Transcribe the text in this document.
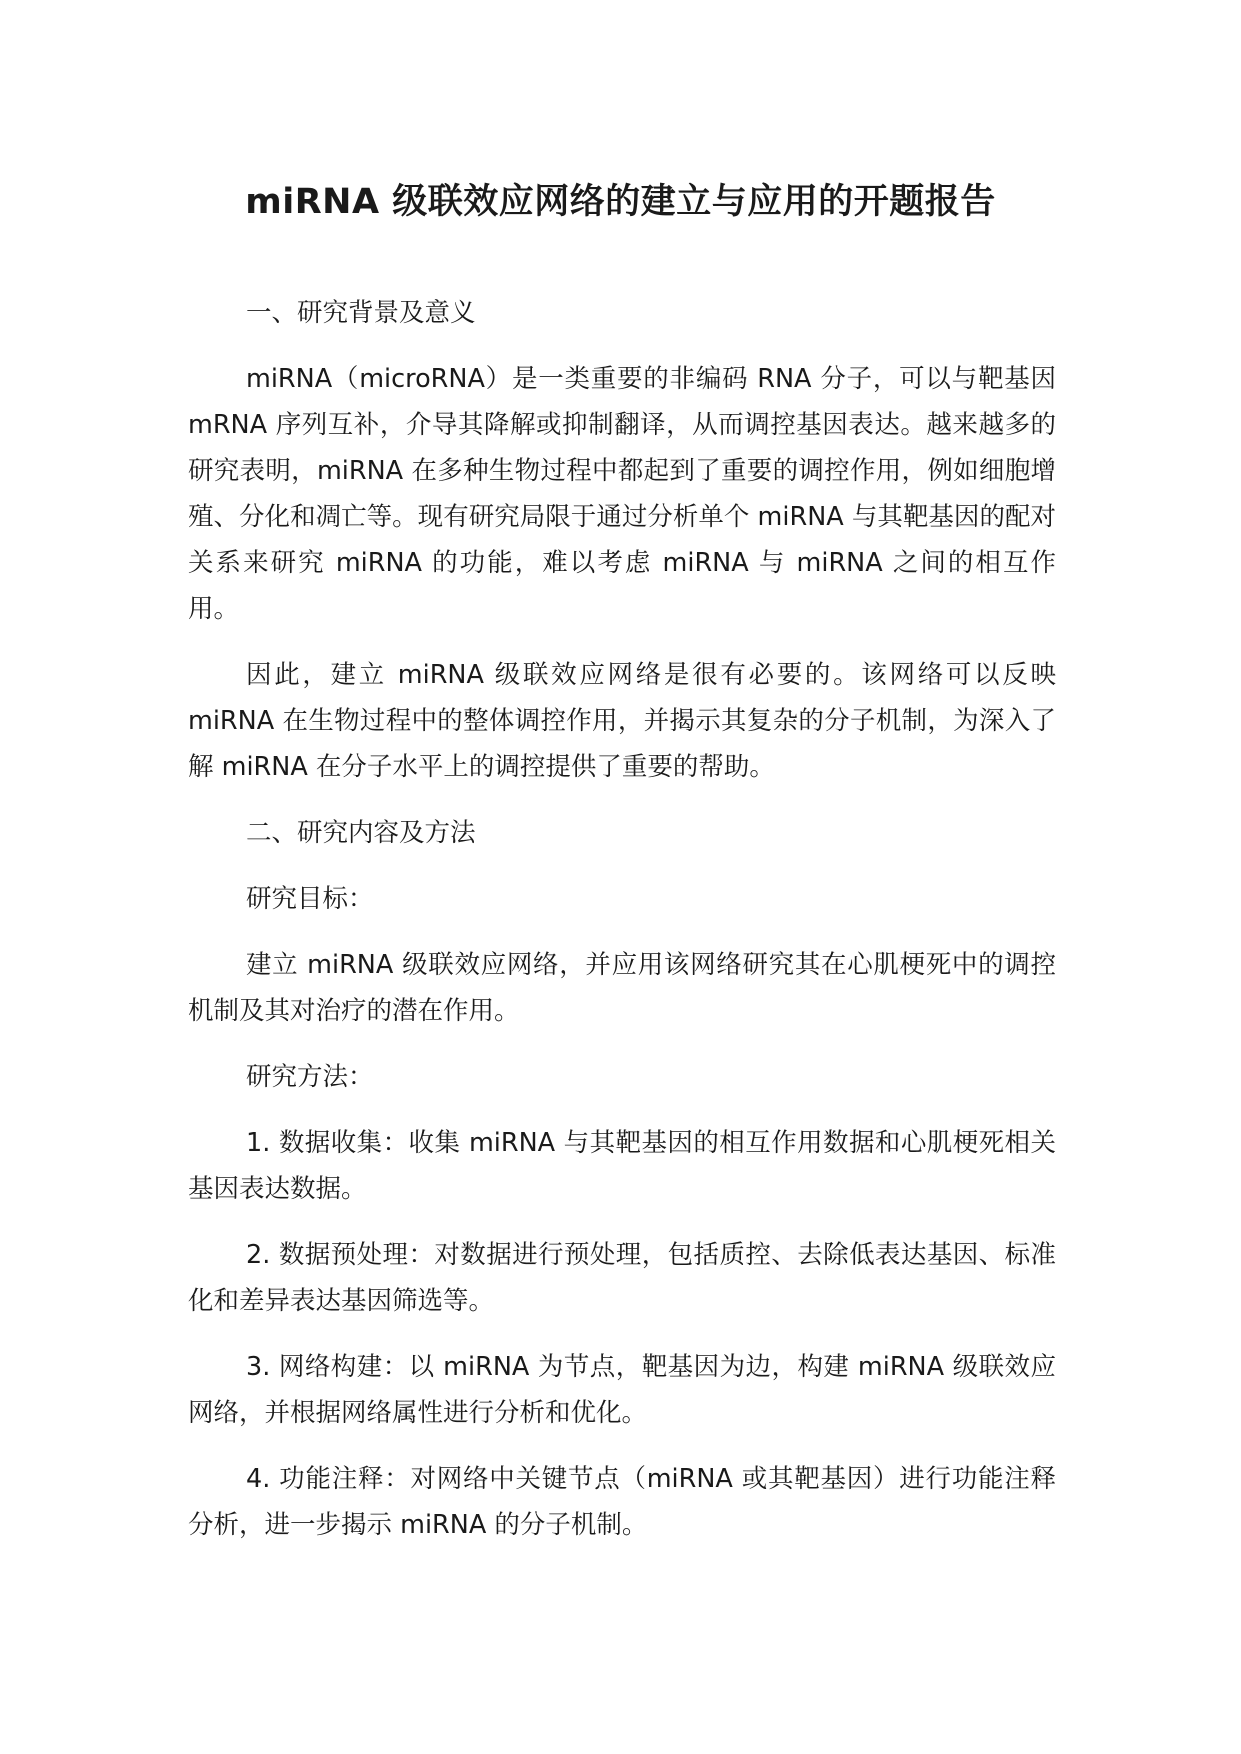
miRNA 级联效应网络的建立与应用的开题报告

一、研究背景及意义

miRNA（microRNA）是一类重要的非编码 RNA 分子，可以与靶基因 mRNA 序列互补，介导其降解或抑制翻译，从而调控基因表达。越来越多的研究表明，miRNA 在多种生物过程中都起到了重要的调控作用，例如细胞增殖、分化和凋亡等。现有研究局限于通过分析单个 miRNA 与其靶基因的配对关系来研究 miRNA 的功能，难以考虑 miRNA 与 miRNA 之间的相互作用。

因此，建立 miRNA 级联效应网络是很有必要的。该网络可以反映 miRNA 在生物过程中的整体调控作用，并揭示其复杂的分子机制，为深入了解 miRNA 在分子水平上的调控提供了重要的帮助。

二、研究内容及方法

研究目标：

建立 miRNA 级联效应网络，并应用该网络研究其在心肌梗死中的调控机制及其对治疗的潜在作用。

研究方法：

1. 数据收集：收集 miRNA 与其靶基因的相互作用数据和心肌梗死相关基因表达数据。

2. 数据预处理：对数据进行预处理，包括质控、去除低表达基因、标准化和差异表达基因筛选等。

3. 网络构建：以 miRNA 为节点，靶基因为边，构建 miRNA 级联效应网络，并根据网络属性进行分析和优化。

4. 功能注释：对网络中关键节点（miRNA 或其靶基因）进行功能注释分析，进一步揭示 miRNA 的分子机制。
